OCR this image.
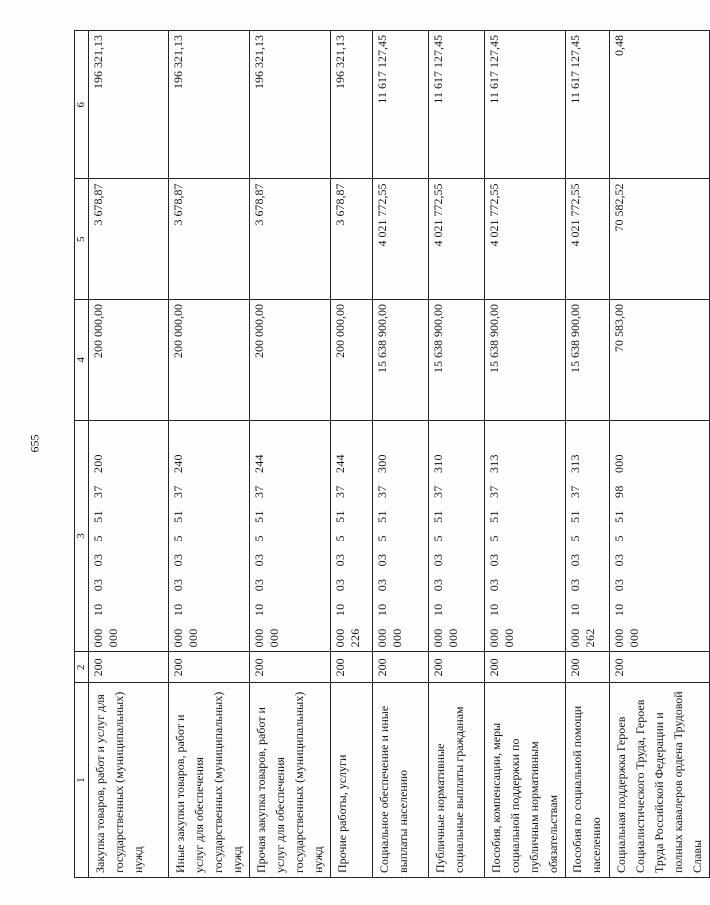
655
1	2	3	4	5	6
Закупка товаров, работ и услуг для государственных (муниципальных) нужд	200	000 10 03 03 5 51 37 200 000	200 000,00	3 678,87	196 321,13
Иные закупки товаров, работ и услуг для обеспечения государственных (муниципальных) нужд	200	000 10 03 03 5 51 37 240 000	200 000,00	3 678,87	196 321,13
Прочая закупка товаров, работ и услуг для обеспечения государственных (муниципальных) нужд	200	000 10 03 03 5 51 37 244 000	200 000,00	3 678,87	196 321,13
Прочие работы, услуги	200	000 10 03 03 5 51 37 244 226	200 000,00	3 678,87	196 321,13
Социальное обеспечение и иные выплаты населению	200	000 10 03 03 5 51 37 300 000	15 638 900,00	4 021 772,55	11 617 127,45
Публичные нормативные социальные выплаты гражданам	200	000 10 03 03 5 51 37 310 000	15 638 900,00	4 021 772,55	11 617 127,45
Пособия, компенсации, меры социальной поддержки по публичным нормативным обязательствам	200	000 10 03 03 5 51 37 313 000	15 638 900,00	4 021 772,55	11 617 127,45
Пособия по социальной помощи населению	200	000 10 03 03 5 51 37 313 262	15 638 900,00	4 021 772,55	11 617 127,45
Социальная поддержка Героев Социалистического Труда, Героев Труда Российской Федерации и полных кавалеров ордена Трудовой Славы	200	000 10 03 03 5 51 98 000 000	70 583,00	70 582,52	0,48
